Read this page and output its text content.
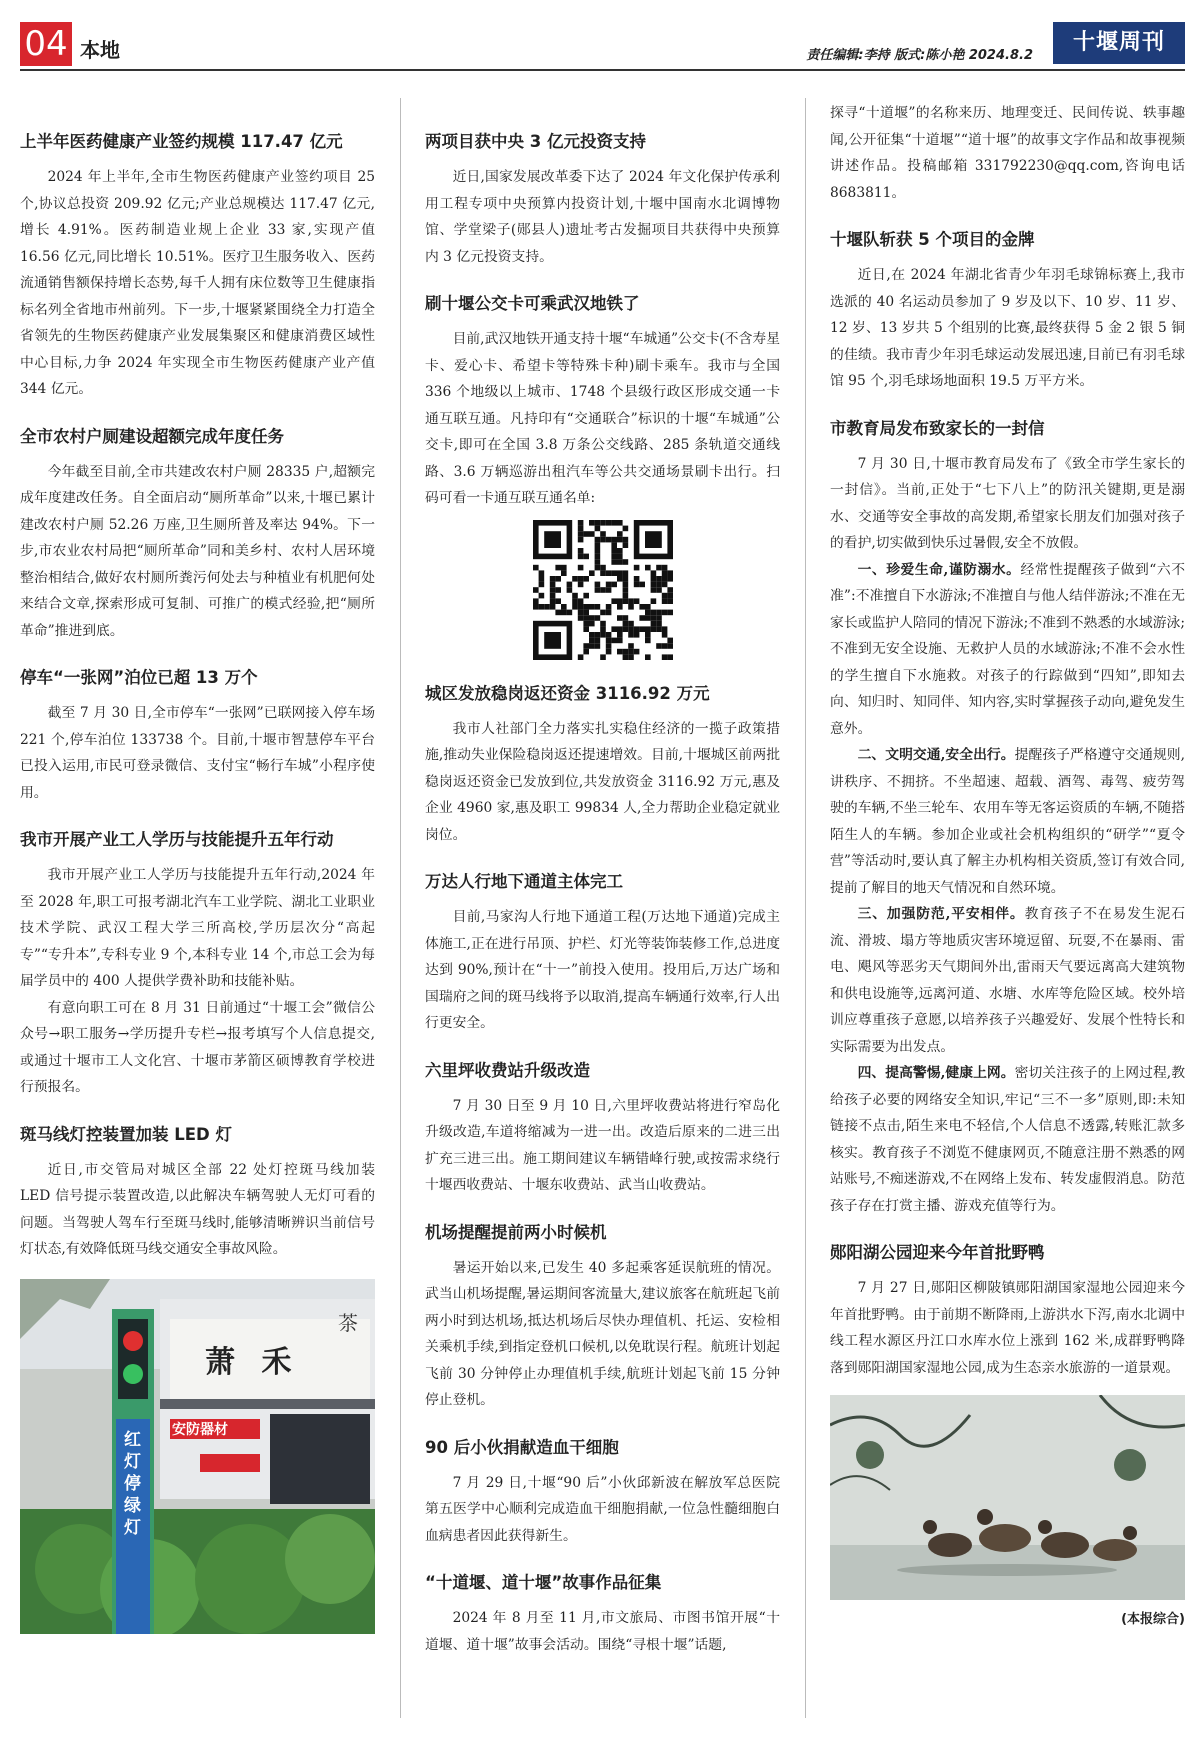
04 本地	责任编辑:李持 版式:陈小艳 2024.8.2
十堰周刊
上半年医药健康产业签约规模 117.47 亿元

2024 年上半年,全市生物医药健康产业签约项目 25 个,协议总投资 209.92 亿元;产业总规模达 117.47 亿元,增长 4.91%。医药制造业规上企业 33 家,实现产值 16.56 亿元,同比增长 10.51%。医疗卫生服务收入、医药流通销售额保持增长态势,每千人拥有床位数等卫生健康指标名列全省地市州前列。下一步,十堰紧紧围绕全力打造全省领先的生物医药健康产业发展集聚区和健康消费区域性中心目标,力争 2024 年实现全市生物医药健康产业产值 344 亿元。

全市农村户厕建设超额完成年度任务

今年截至目前,全市共建改农村户厕 28335 户,超额完成年度建改任务。自全面启动“厕所革命”以来,十堰已累计建改农村户厕 52.26 万座,卫生厕所普及率达 94%。下一步,市农业农村局把“厕所革命”同和美乡村、农村人居环境整治相结合,做好农村厕所粪污何处去与种植业有机肥何处来结合文章,探索形成可复制、可推广的模式经验,把“厕所革命”推进到底。

停车“一张网”泊位已超 13 万个

截至 7 月 30 日,全市停车“一张网”已联网接入停车场 221 个,停车泊位 133738 个。目前,十堰市智慧停车平台已投入运用,市民可登录微信、支付宝“畅行车城”小程序使用。

我市开展产业工人学历与技能提升五年行动

我市开展产业工人学历与技能提升五年行动,2024 年至 2028 年,职工可报考湖北汽车工业学院、湖北工业职业技术学院、武汉工程大学三所高校,学历层次分“高起专”“专升本”,专科专业 9 个,本科专业 14 个,市总工会为每届学员中的 400 人提供学费补助和技能补贴。

有意向职工可在 8 月 31 日前通过“十堰工会”微信公众号→职工服务→学历提升专栏→报考填写个人信息提交,或通过十堰市工人文化宫、十堰市茅箭区硕博教育学校进行预报名。

斑马线灯控装置加装 LED 灯

近日,市交管局对城区全部 22 处灯控斑马线加装 LED 信号提示装置改造,以此解决车辆驾驶人无灯可看的问题。当驾驶人驾车行至斑马线时,能够清晰辨识当前信号灯状态,有效降低斑马线交通安全事故风险。

萧 禾
安防器材
茶
红灯停绿灯
两项目获中央 3 亿元投资支持

近日,国家发展改革委下达了 2024 年文化保护传承利用工程专项中央预算内投资计划,十堰中国南水北调博物馆、学堂梁子(郧县人)遗址考古发掘项目共获得中央预算内 3 亿元投资支持。

刷十堰公交卡可乘武汉地铁了

目前,武汉地铁开通支持十堰“车城通”公交卡(不含寿星卡、爱心卡、希望卡等特殊卡种)刷卡乘车。我市与全国 336 个地级以上城市、1748 个县级行政区形成交通一卡通互联互通。凡持印有“交通联合”标识的十堰“车城通”公交卡,即可在全国 3.8 万条公交线路、285 条轨道交通线路、3.6 万辆巡游出租汽车等公共交通场景刷卡出行。扫码可看一卡通互联互通名单:

城区发放稳岗返还资金 3116.92 万元

我市人社部门全力落实扎实稳住经济的一揽子政策措施,推动失业保险稳岗返还提速增效。目前,十堰城区前两批稳岗返还资金已发放到位,共发放资金 3116.92 万元,惠及企业 4960 家,惠及职工 99834 人,全力帮助企业稳定就业岗位。

万达人行地下通道主体完工

目前,马家沟人行地下通道工程(万达地下通道)完成主体施工,正在进行吊顶、护栏、灯光等装饰装修工作,总进度达到 90%,预计在“十一”前投入使用。投用后,万达广场和国瑞府之间的斑马线将予以取消,提高车辆通行效率,行人出行更安全。

六里坪收费站升级改造

7 月 30 日至 9 月 10 日,六里坪收费站将进行窄岛化升级改造,车道将缩减为一进一出。改造后原来的二进三出扩充三进三出。施工期间建议车辆错峰行驶,或按需求绕行十堰西收费站、十堰东收费站、武当山收费站。

机场提醒提前两小时候机

暑运开始以来,已发生 40 多起乘客延误航班的情况。武当山机场提醒,暑运期间客流量大,建议旅客在航班起飞前两小时到达机场,抵达机场后尽快办理值机、托运、安检相关乘机手续,到指定登机口候机,以免耽误行程。航班计划起飞前 30 分钟停止办理值机手续,航班计划起飞前 15 分钟停止登机。

90 后小伙捐献造血干细胞

7 月 29 日,十堰“90 后”小伙邱新波在解放军总医院第五医学中心顺利完成造血干细胞捐献,一位急性髓细胞白血病患者因此获得新生。

“十道堰、道十堰”故事作品征集

2024 年 8 月至 11 月,市文旅局、市图书馆开展“十道堰、道十堰”故事会活动。围绕“寻根十堰”话题,

探寻“十道堰”的名称来历、地理变迁、民间传说、轶事趣闻,公开征集“十道堰”“道十堰”的故事文字作品和故事视频讲述作品。投稿邮箱 331792230@qq.com,咨询电话 8683811。

十堰队斩获 5 个项目的金牌

近日,在 2024 年湖北省青少年羽毛球锦标赛上,我市选派的 40 名运动员参加了 9 岁及以下、10 岁、11 岁、12 岁、13 岁共 5 个组别的比赛,最终获得 5 金 2 银 5 铜的佳绩。我市青少年羽毛球运动发展迅速,目前已有羽毛球馆 95 个,羽毛球场地面积 19.5 万平方米。

市教育局发布致家长的一封信

7 月 30 日,十堰市教育局发布了《致全市学生家长的一封信》。当前,正处于“七下八上”的防汛关键期,更是溺水、交通等安全事故的高发期,希望家长朋友们加强对孩子的看护,切实做到快乐过暑假,安全不放假。

一、珍爱生命,谨防溺水。经常性提醒孩子做到“六不准”:不准擅自下水游泳;不准擅自与他人结伴游泳;不准在无家长或监护人陪同的情况下游泳;不准到不熟悉的水域游泳;不准到无安全设施、无救护人员的水域游泳;不准不会水性的学生擅自下水施救。对孩子的行踪做到“四知”,即知去向、知归时、知同伴、知内容,实时掌握孩子动向,避免发生意外。

二、文明交通,安全出行。提醒孩子严格遵守交通规则,讲秩序、不拥挤。不坐超速、超载、酒驾、毒驾、疲劳驾驶的车辆,不坐三轮车、农用车等无客运资质的车辆,不随搭陌生人的车辆。参加企业或社会机构组织的“研学”“夏令营”等活动时,要认真了解主办机构相关资质,签订有效合同,提前了解目的地天气情况和自然环境。

三、加强防范,平安相伴。教育孩子不在易发生泥石流、滑坡、塌方等地质灾害环境逗留、玩耍,不在暴雨、雷电、飓风等恶劣天气期间外出,雷雨天气要远离高大建筑物和供电设施等,远离河道、水塘、水库等危险区域。校外培训应尊重孩子意愿,以培养孩子兴趣爱好、发展个性特长和实际需要为出发点。

四、提高警惕,健康上网。密切关注孩子的上网过程,教给孩子必要的网络安全知识,牢记“三不一多”原则,即:未知链接不点击,陌生来电不轻信,个人信息不透露,转账汇款多核实。教育孩子不浏览不健康网页,不随意注册不熟悉的网站账号,不痴迷游戏,不在网络上发布、转发虚假消息。防范孩子存在打赏主播、游戏充值等行为。

郧阳湖公园迎来今年首批野鸭

7 月 27 日,郧阳区柳陂镇郧阳湖国家湿地公园迎来今年首批野鸭。由于前期不断降雨,上游洪水下泻,南水北调中线工程水源区丹江口水库水位上涨到 162 米,成群野鸭降落到郧阳湖国家湿地公园,成为生态亲水旅游的一道景观。

(本报综合)
